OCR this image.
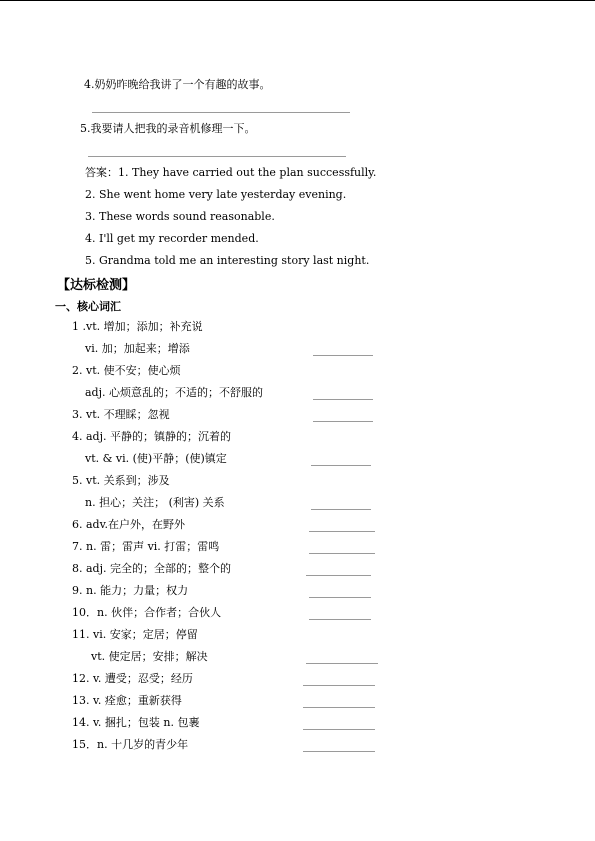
4.奶奶昨晚给我讲了一个有趣的故事。
5.我要请人把我的录音机修理一下。
答案：1. They have carried out the plan successfully.
2. She went home very late yesterday evening.
3. These words sound reasonable.
4. I'll get my recorder mended.
5. Grandma told me an interesting story last night.
【达标检测】
一、核心词汇
1 .vt. 增加；添加；补充说
vi. 加；加起来；增添
2. vt. 使不安；使心烦
adj. 心烦意乱的；不适的；不舒服的
3. vt. 不理睬；忽视
4. adj. 平静的；镇静的；沉着的
vt. & vi. (使)平静；(使)镇定
5. vt. 关系到；涉及
n. 担心；关注； (利害) 关系
6. adv.在户外，在野外
7. n. 雷；雷声 vi. 打雷；雷鸣
8. adj. 完全的；全部的；整个的
9. n. 能力；力量；权力
10．n. 伙伴；合作者；合伙人
11. vi. 安家；定居；停留
vt. 使定居；安排；解决
12. v. 遭受；忍受；经历
13. v. 痊愈；重新获得
14. v. 捆扎；包装 n. 包裹
15．n. 十几岁的青少年
